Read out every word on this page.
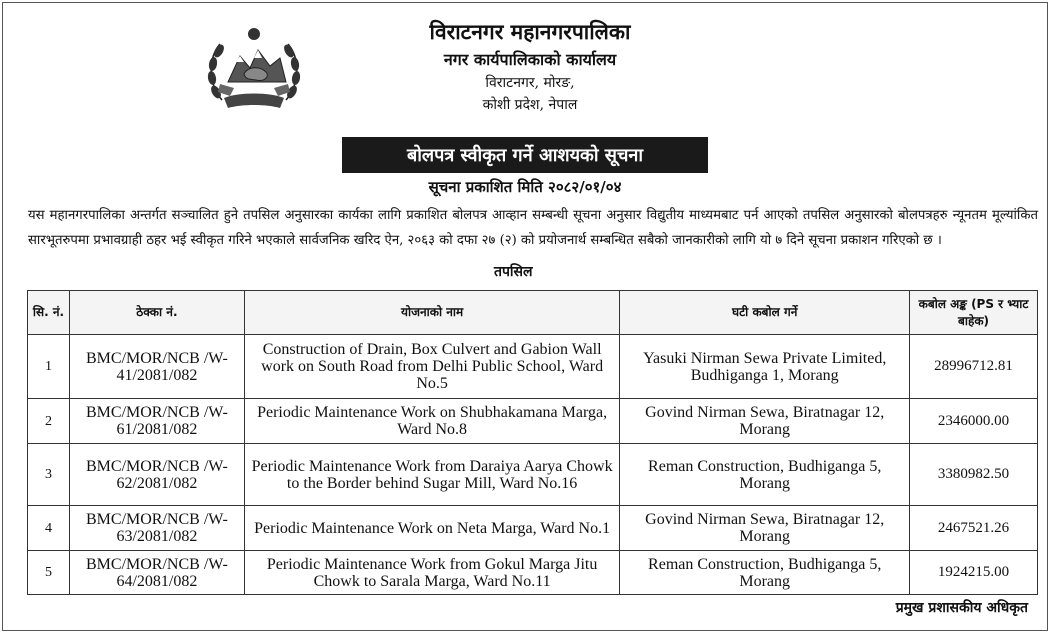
विराटनगर महानगरपालिका
नगर कार्यपालिकाको कार्यालय
विराटनगर, मोरङ,
कोशी प्रदेश, नेपाल
बोलपत्र स्वीकृत गर्ने आशयको सूचना
सूचना प्रकाशित मिति २०८२/०१/०४
यस महानगरपालिका अन्तर्गत सञ्चालित हुने तपसिल अनुसारका कार्यका लागि प्रकाशित बोलपत्र आव्हान सम्बन्धी सूचना अनुसार विद्युतीय माध्यमबाट पर्न आएको तपसिल अनुसारको बोलपत्रहरु न्यूनतम मूल्यांकित सारभूतरुपमा प्रभावग्राही ठहर भई स्वीकृत गरिने भएकाले सार्वजनिक खरिद ऐन, २०६३ को दफा २७ (२) को प्रयोजनार्थ सम्बन्धित सबैको जानकारीको लागि यो ७ दिने सूचना प्रकाशन गरिएको छ ।
तपसिल
सि. नं.	ठेक्का नं.	योजनाको नाम	घटी कबोल गर्ने	कबोल अङ्क (PS र भ्याट बाहेक)
1	BMC/MOR/NCB /W-41/2081/082	Construction of Drain, Box Culvert and Gabion Wall work on South Road from Delhi Public School, Ward No.5	Yasuki Nirman Sewa Private Limited, Budhiganga 1, Morang	28996712.81
2	BMC/MOR/NCB /W-61/2081/082	Periodic Maintenance Work on Shubhakamana Marga, Ward No.8	Govind Nirman Sewa, Biratnagar 12, Morang	2346000.00
3	BMC/MOR/NCB /W-62/2081/082	Periodic Maintenance Work from Daraiya Aarya Chowk to the Border behind Sugar Mill, Ward No.16	Reman Construction, Budhiganga 5, Morang	3380982.50
4	BMC/MOR/NCB /W-63/2081/082	Periodic Maintenance Work on Neta Marga, Ward No.1	Govind Nirman Sewa, Biratnagar 12, Morang	2467521.26
5	BMC/MOR/NCB /W-64/2081/082	Periodic Maintenance Work from Gokul Marga Jitu Chowk to Sarala Marga, Ward No.11	Reman Construction, Budhiganga 5, Morang	1924215.00
प्रमुख प्रशासकीय अधिकृत
